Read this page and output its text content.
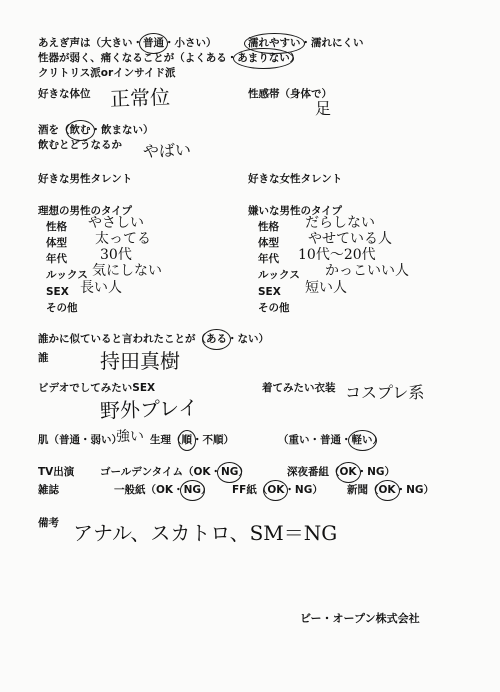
あえぎ声は （ 大きい ・ 普通 ・ 小さい
）	濡れやすい ・ 濡れにくい
性器が弱く、痛くなることが （ よくある ・ あまりない
）
クリトリス派orインサイド派
好きな体位 正常位	性感帯（身体で）
足
酒を （ 飲む ・ 飲まない
）
飲むとどうなるか やばい
好きな男性タレント	好きな女性タレント
理想の男性のタイプ
性格 やさしい
体型 太ってる
年代 30代
ルックス 気にしない
SEX 長い人
その他
嫌いな男性のタイプ
性格 だらしない
体型 やせている人
年代 10代〜20代
ルックス かっこいい人
SEX 短い人
その他
誰かに似ていると言われたことが （ ある ・ ない
）
誰	持田真樹
ビデオでしてみたいSEX
野外プレイ
着てみたい衣装 コスプレ系
肌 （ 普通 ・ 弱い
） 強い 生理 （ 順 ・ 不順
）	（ 重い ・ 普通 ・ 軽い
）
TV出演 ゴールデンタイム （ OK ・ NG
）	深夜番組 （ OK ・ NG
）
雑誌	一般紙 （ OK ・ NG
）	FF紙 （ OK ・ NG
）	新聞 （ OK ・ NG
）
備考 アナル、スカトロ、SM＝NG
ビー・オープン株式会社
